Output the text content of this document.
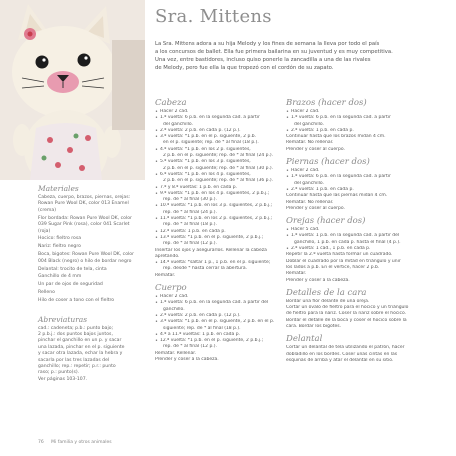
Materiales
Cabeza, cuerpo, brazos, piernas, orejas: Rowan Pure Wool DK, color 013 Enamel (crema)
Flor bordada: Rowan Pure Wool DK, color 039 Sugar Pink (rosa), color 041 Scarlet (roja)
Hocico: fieltro rosa
Nariz: fieltro negro
Boca, bigotes: Rowan Pure Wool DK, color 004 Black (negro) o hilo de bordar negro
Delantal: trocito de tela, cinta
Ganchillo de 4 mm
Un par de ojos de seguridad
Relleno
Hilo de coser a tono con el fieltro
Abreviaturas
cad.: cadeneta; p.b.: punto bajo;
2 p.b.j.: dos puntos bajos juntos,
pinchar el ganchillo en un p. y sacar
una lazada, pinchar en el p. siguiente
y sacar otra lazada, echar la hebra y
sacarla por las tres lazadas del
ganchillo; rep.: repetir; p.r.: punto
raso; p.: punto(s).
Ver páginas 103-107.
76 Mi familia y otros animales
Sra. Mittens
La Sra. Mittens adora a su hija Melody y los fines de semana la lleva por todo el país
a los concursos de ballet. Ella fue primera bailarina en su juventud y es muy competitiva.
Una vez, entre bastidores, incluso quiso ponerle la zancadilla a una de las rivales
de Melody, pero fue ella la que tropezó con el cordón de su zapato.
Cabeza
• Hacer 2 cad.
• 1.ª vuelta: 6 p.b. en la segunda cad. a partir
del ganchillo.
• 2.ª vuelta: 2 p.b. en cada p. (12 p.).
• 3.ª vuelta: *1 p.b. en el p. siguiente, 2 p.b.
en el p. siguiente; rep. de * al final (18 p.).
• 4.ª vuelta: *1 p.b. en los 2 p. siguientes,
2 p.b. en el p. siguiente; rep. de * al final (24 p.).
• 5.ª vuelta: *1 p.b. en los 3 p. siguientes,
2 p.b. en el p. siguiente; rep. de * al final (30 p.).
• 6.ª vuelta: *1 p.b. en los 4 p. siguientes,
2 p.b. en el p. siguiente; rep. de * al final (36 p.).
• 7.ª y 8.ª vueltas: 1 p.b. en cada p.
• 9.ª vuelta: *1 p.b. en los 4 p. siguientes, 2 p.b.j.;
rep. de * al final (30 p.).
• 10.ª vuelta: *1 p.b. en los 3 p. siguientes, 2 p.b.j.;
rep. de * al final (24 p.).
• 11.ª vuelta: *1 p.b. en los 2 p. siguientes, 2 p.b.j.;
rep. de * al final (18 p.).
• 12.ª vuelta: 1 p.b. en cada p.
• 13.ª vuelta: *1 p.b. en el p. siguiente, 2 p.b.j.;
rep. de * al final (12 p.).
Insertar los ojos y asegurarlos. Rellenar la cabeza
apretando.
• 14.ª vuelta: *saltar 1 p., 1 p.b. en el p. siguiente;
rep. desde * hasta cerrar la abertura.
Rematar.
Cuerpo
• Hacer 2 cad.
• 1.ª vuelta: 6 p.b. en la segunda cad. a partir del
ganchillo.
• 2.ª vuelta: 2 p.b. en cada p. (12 p.).
• 3.ª vuelta: *1 p.b. en el p. siguiente, 2 p.b. en el p.
siguiente; rep. de * al final (18 p.).
• 4.ª a 11.ª vueltas: 1 p.b. en cada p.
• 12.ª vuelta: *1 p.b. en el p. siguiente, 2 p.b.j.;
rep. de * al final (12 p.).
Rematar. Rellenar.
Prender y coser a la cabeza.
Brazos (hacer dos)
• Hacer 2 cad.
• 1.ª vuelta: 6 p.b. en la segunda cad. a partir
del ganchillo.
• 2.ª vuelta: 1 p.b. en cada p.
Continuar hasta que los brazos midan 4 cm.
Rematar. No rellenar.
Prender y coser al cuerpo.
Piernas (hacer dos)
• Hacer 2 cad.
• 1.ª vuelta: 6 p.b. en la segunda cad. a partir
del ganchillo.
• 2.ª vuelta: 1 p.b. en cada p.
Continuar hasta que las piernas midan 4 cm.
Rematar. No rellenar.
Prender y coser al cuerpo.
Orejas (hacer dos)
• Hacer 5 cad.
• 1.ª vuelta: 1 p.b. en la segunda cad. a partir del
ganchillo, 1 p.b. en cada p. hasta el final (4 p.).
• 2.ª vuelta: 1 cad., 1 p.b. en cada p.
Repetir la 2.ª vuelta hasta formar un cuadrado.
Doblar el cuadrado por la mitad en triángulo y unir
los lados a p.b. En el vértice, hacer 2 p.b.
Rematar.
Prender y coser a la cabeza.
Detalles de la cara
Bordar una flor delante de una oreja.
Cortar un óvalo de fieltro para el hocico y un triángulo
de fieltro para la nariz. Coser la nariz sobre el hocico.
Bordar el detalle de la boca y coser el hocico sobre la
cara. Bordar los bigotes.
Delantal
Cortar un delantal de tela utilizando el patrón, hacer
dobladillo en los bordes. Coser unas cintas en las
esquinas de arriba y atar el delantal en su sitio.
